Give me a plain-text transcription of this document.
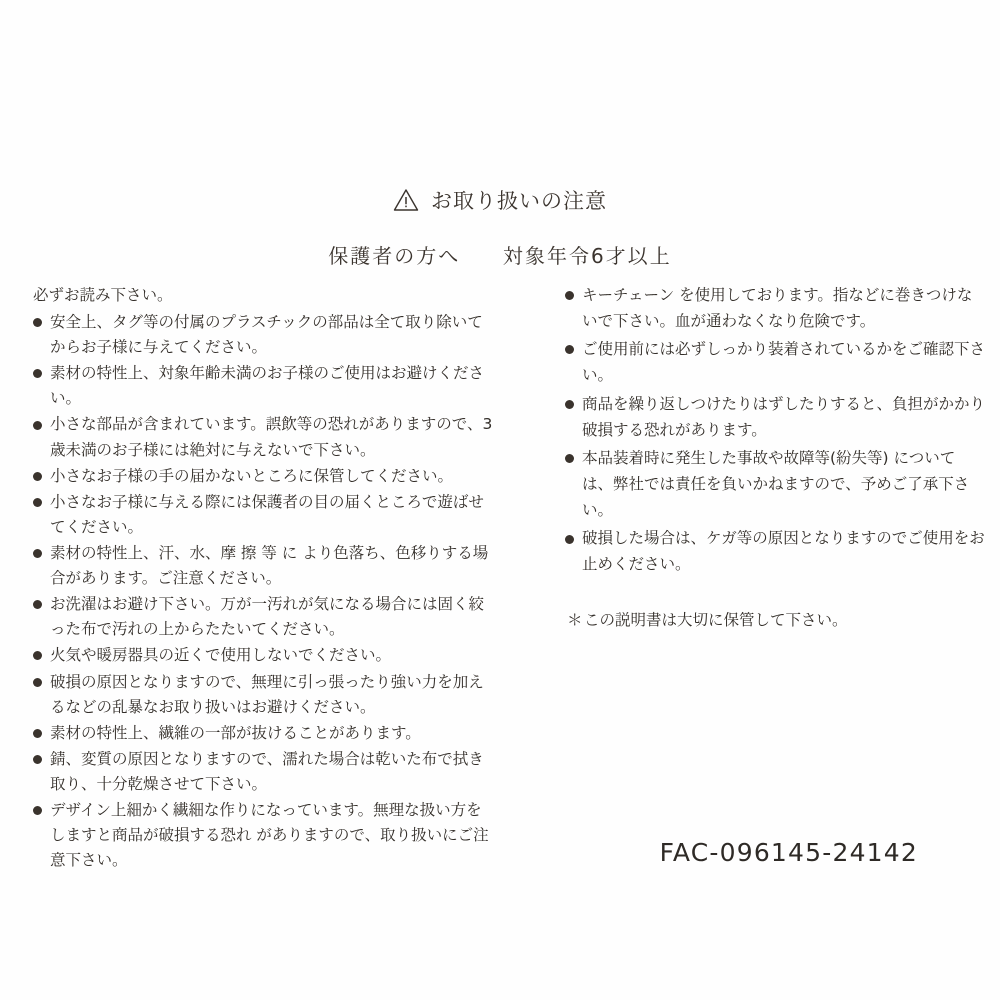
お取り扱いの注意
保護者の方へ 対象年令6才以上

必ずお読み下さい。

安全上、タグ等の付属のプラスチックの部品は全て取り除いてからお子様に与えてください。
素材の特性上、対象年齢未満のお子様のご使用はお避けください。
小さな部品が含まれています。誤飲等の恐れがありますので、3歳未満のお子様には絶対に与えないで下さい。
小さなお子様の手の届かないところに保管してください。
小さなお子様に与える際には保護者の目の届くところで遊ばせてください。
素材の特性上、汗、水、摩 擦 等 に より色落ち、色移りする場合があります。ご注意ください。
お洗濯はお避け下さい。万が一汚れが気になる場合には固く絞った布で汚れの上からたたいてください。
火気や暖房器具の近くで使用しないでください。
破損の原因となりますので、無理に引っ張ったり強い力を加えるなどの乱暴なお取り扱いはお避けください。
素材の特性上、繊維の一部が抜けることがあります。
錆、変質の原因となりますので、濡れた場合は乾いた布で拭き取り、十分乾燥させて下さい。
デザイン上細かく繊細な作りになっています。無理な扱い方をしますと商品が破損する恐れ がありますので、取り扱いにご注意下さい。
キーチェーン を使用しております。指などに巻きつけないで下さい。血が通わなくなり危険です。
ご使用前には必ずしっかり装着されているかをご確認下さい。
商品を繰り返しつけたりはずしたりすると、負担がかかり破損する恐れがあります。
本品装着時に発生した事故や故障等(紛失等) については、弊社では責任を負いかねますので、予めご了承下さい。
破損した場合は、ケガ等の原因となりますのでご使用をお止めください。
＊この説明書は大切に保管して下さい。
FAC-096145-24142
